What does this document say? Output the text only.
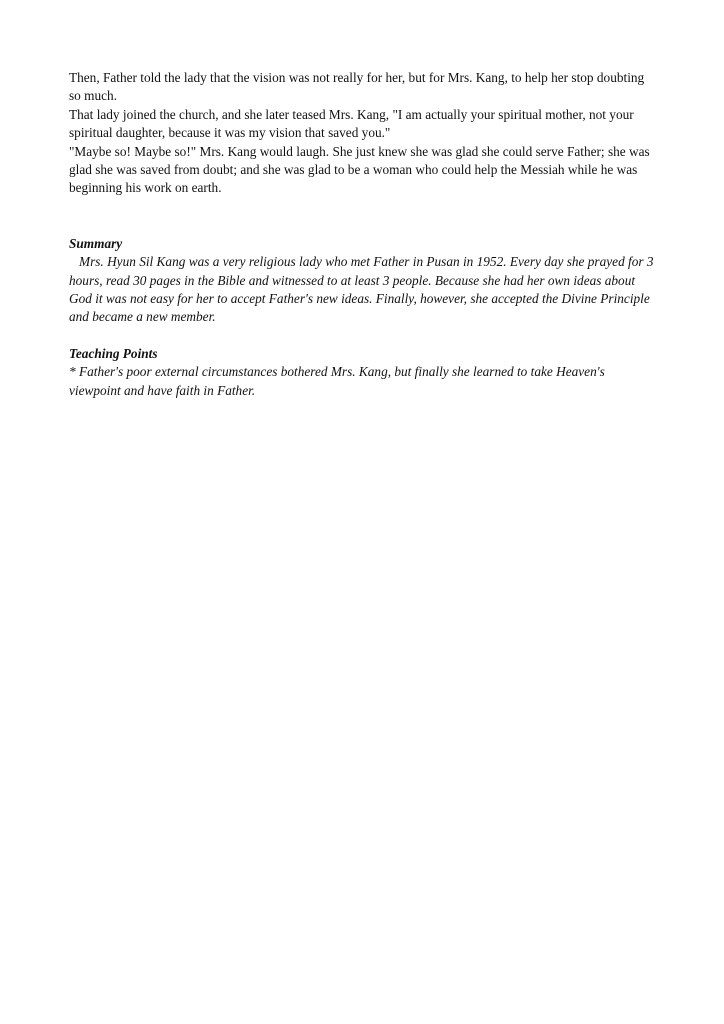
Then, Father told the lady that the vision was not really for her, but for Mrs. Kang, to help her stop doubting so much.

That lady joined the church, and she later teased Mrs. Kang, "I am actually your spiritual mother, not your spiritual daughter, because it was my vision that saved you."

"Maybe so! Maybe so!" Mrs. Kang would laugh. She just knew she was glad she could serve Father; she was glad she was saved from doubt; and she was glad to be a woman who could help the Messiah while he was beginning his work on earth.

Summary

Mrs. Hyun Sil Kang was a very religious lady who met Father in Pusan in 1952. Every day she prayed for 3 hours, read 30 pages in the Bible and witnessed to at least 3 people. Because she had her own ideas about God it was not easy for her to accept Father's new ideas. Finally, however, she accepted the Divine Principle and became a new member.

Teaching Points

* Father's poor external circumstances bothered Mrs. Kang, but finally she learned to take Heaven's viewpoint and have faith in Father.
